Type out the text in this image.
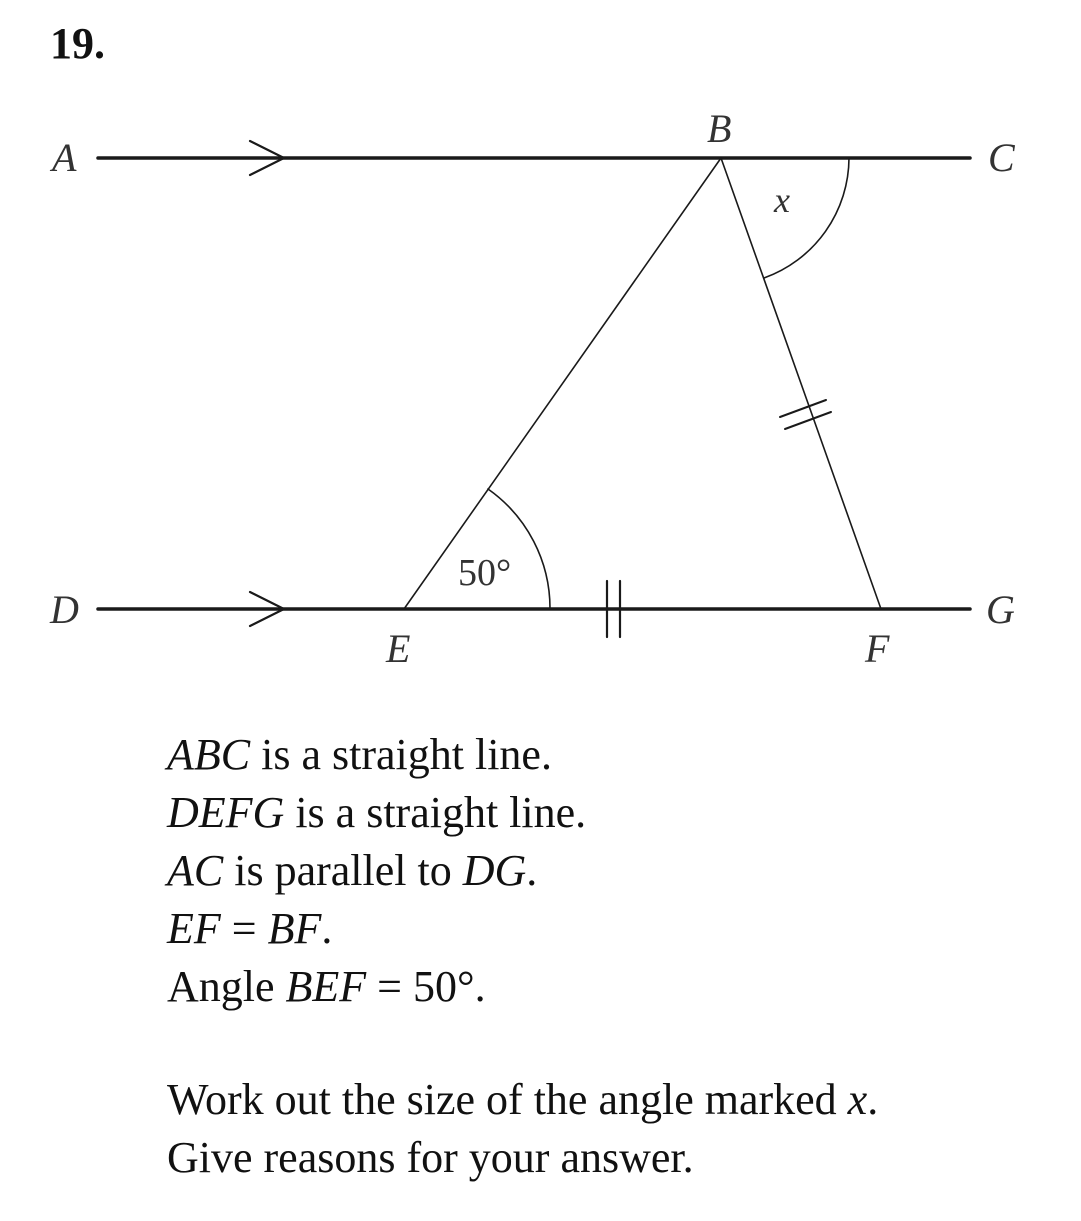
19.
A
B
C
D
E	F
G
50°
x
ABC is a straight line.
DEFG is a straight line.
AC is parallel to DG.
EF = BF.
Angle BEF = 50°.
Work out the size of the angle marked x.
Give reasons for your answer.
